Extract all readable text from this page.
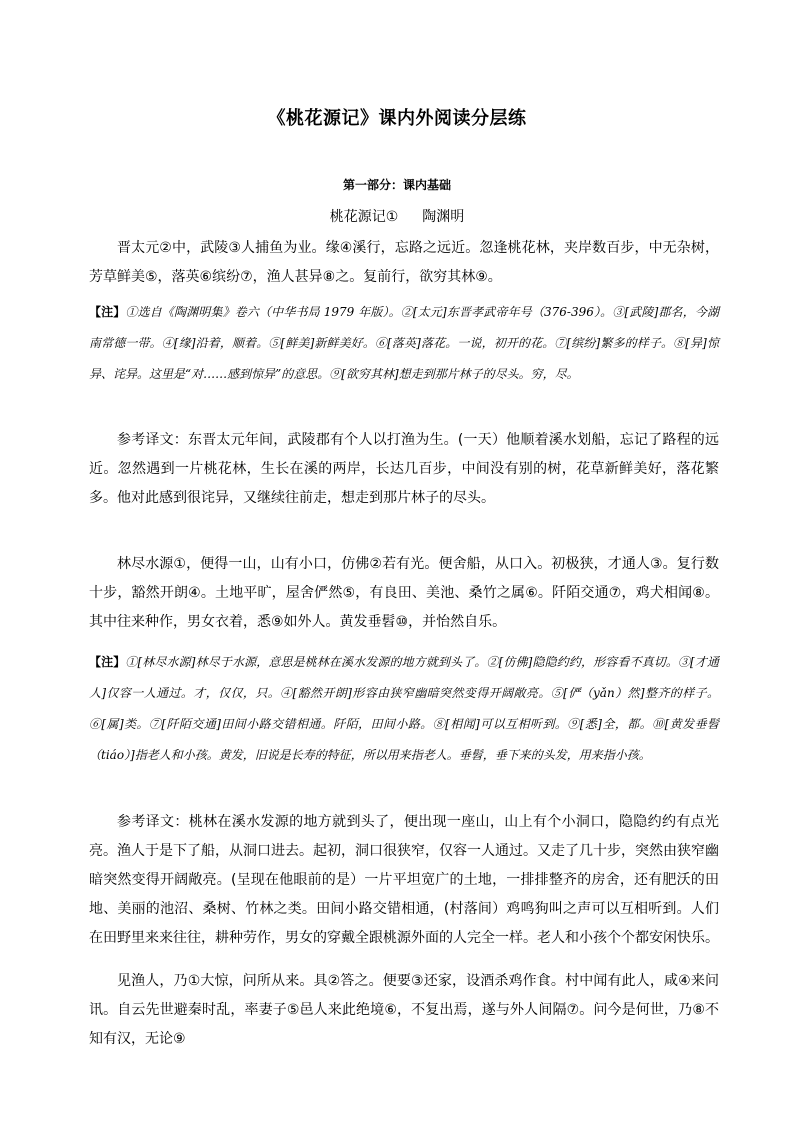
《桃花源记》课内外阅读分层练
第一部分：课内基础
桃花源记① 陶渊明

晋太元②中，武陵③人捕鱼为业。缘④溪行，忘路之远近。忽逢桃花林，夹岸数百步，中无杂树，芳草鲜美⑤，落英⑥缤纷⑦，渔人甚异⑧之。复前行，欲穷其林⑨。

【注】①选自《陶渊明集》卷六（中华书局 1979 年版）。②[太元]东晋孝武帝年号（376-396）。③[武陵]郡名，今湖南常德一带。④[缘]沿着，顺着。⑤[鲜美]新鲜美好。⑥[落英]落花。一说，初开的花。⑦[缤纷]繁多的样子。⑧[异]惊异、诧异。这里是“对……感到惊异”的意思。⑨[欲穷其林]想走到那片林子的尽头。穷，尽。

参考译文：东晋太元年间，武陵郡有个人以打渔为生。(一天）他顺着溪水划船，忘记了路程的远近。忽然遇到一片桃花林，生长在溪的两岸，长达几百步，中间没有别的树，花草新鲜美好，落花繁多。他对此感到很诧异，又继续往前走，想走到那片林子的尽头。

林尽水源①，便得一山，山有小口，仿佛②若有光。便舍船，从口入。初极狭，才通人③。复行数十步，豁然开朗④。土地平旷，屋舍俨然⑤，有良田、美池、桑竹之属⑥。阡陌交通⑦，鸡犬相闻⑧。其中往来种作，男女衣着，悉⑨如外人。黄发垂髫⑩，并怡然自乐。

【注】①[林尽水源]林尽于水源，意思是桃林在溪水发源的地方就到头了。②[仿佛]隐隐约约，形容看不真切。③[才通人]仅容一人通过。才，仅仅，只。④[豁然开朗]形容由狭窄幽暗突然变得开阔敞亮。⑤[俨（yǎn）然]整齐的样子。⑥[属]类。⑦[阡陌交通]田间小路交错相通。阡陌，田间小路。⑧[相闻]可以互相听到。⑨[悉]全，都。⑩[黄发垂髫（tiáo）]指老人和小孩。黄发，旧说是长寿的特征，所以用来指老人。垂髫，垂下来的头发，用来指小孩。

参考译文：桃林在溪水发源的地方就到头了，便出现一座山，山上有个小洞口，隐隐约约有点光亮。渔人于是下了船，从洞口进去。起初，洞口很狭窄，仅容一人通过。又走了几十步，突然由狭窄幽暗突然变得开阔敞亮。(呈现在他眼前的是）一片平坦宽广的土地，一排排整齐的房舍，还有肥沃的田地、美丽的池沼、桑树、竹林之类。田间小路交错相通，(村落间）鸡鸣狗叫之声可以互相听到。人们在田野里来来往往，耕种劳作，男女的穿戴全跟桃源外面的人完全一样。老人和小孩个个都安闲快乐。

见渔人，乃①大惊，问所从来。具②答之。便要③还家，设酒杀鸡作食。村中闻有此人，咸④来问讯。自云先世避秦时乱，率妻子⑤邑人来此绝境⑥，不复出焉，遂与外人间隔⑦。问今是何世，乃⑧不知有汉，无论⑨
